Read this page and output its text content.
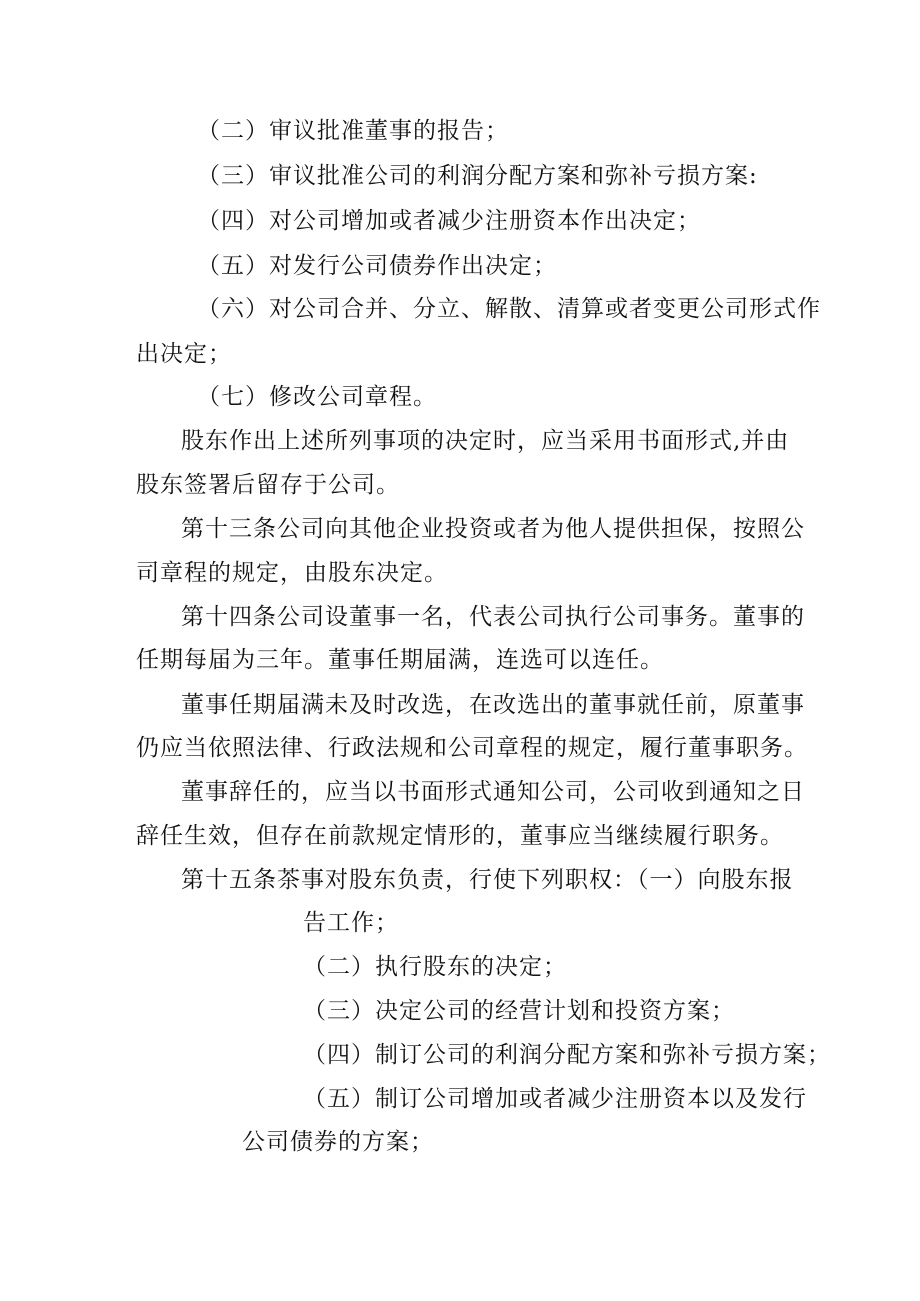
（二）审议批准董事的报告；
（三）审议批准公司的利润分配方案和弥补亏损方案:
（四）对公司增加或者减少注册资本作出决定；
（五）对发行公司债券作出决定；
（六）对公司合并、分立、解散、清算或者变更公司形式作
出决定；
（七）修改公司章程。
股东作出上述所列事项的决定时，应当采用书面形式,并由
股东签署后留存于公司。
第十三条公司向其他企业投资或者为他人提供担保，按照公
司章程的规定，由股东决定。
第十四条公司设董事一名，代表公司执行公司事务。董事的
任期每届为三年。董事任期届满，连选可以连任。
董事任期届满未及时改选，在改选出的董事就任前，原董事
仍应当依照法律、行政法规和公司章程的规定，履行董事职务。
董事辞任的，应当以书面形式通知公司，公司收到通知之日
辞任生效，但存在前款规定情形的，董事应当继续履行职务。
第十五条茶事对股东负责，行使下列职权：（一）向股东报
告工作；
（二）执行股东的决定；
（三）决定公司的经营计划和投资方案；
（四）制订公司的利润分配方案和弥补亏损方案；
（五）制订公司增加或者减少注册资本以及发行
公司债券的方案；
